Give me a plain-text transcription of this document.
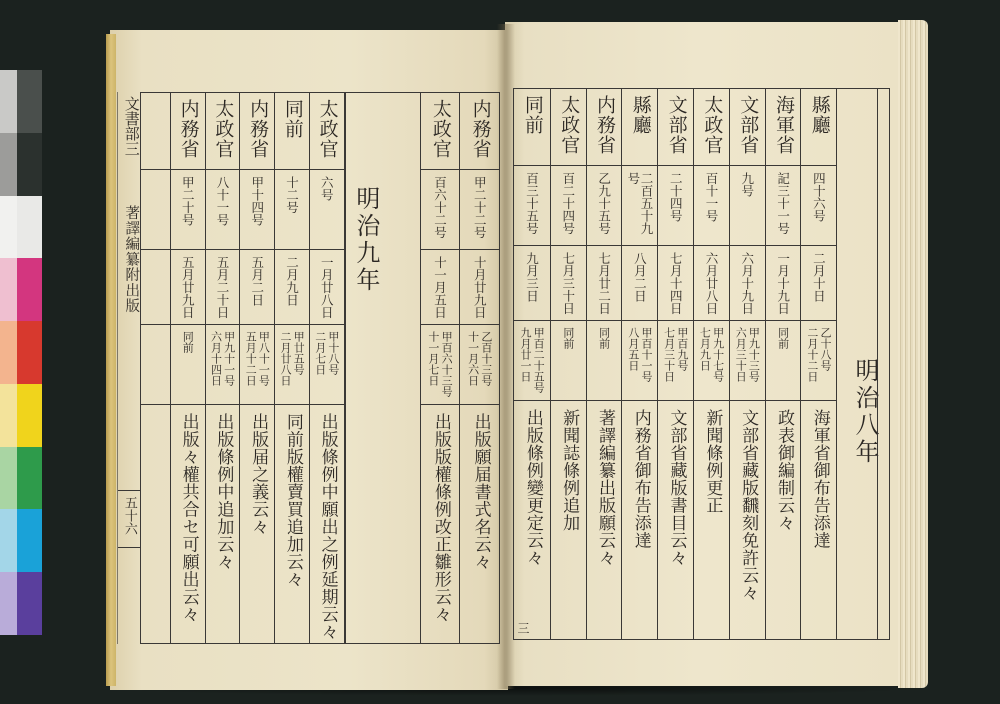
文書部三
著譯編纂附出版
五十六
内務省
甲二十二号
十月廿九日
乙百十三号
十一月六日
出版願届書式名云々
太政官
百六十二号
十一月五日
甲百六十三号
十一月七日
出版版權條例改正雛形云々
明治九年
太政官
六号
一月廿八日
甲十八号
二月七日
出版條例中願出之例延期云々
同前
十二号
二月九日
甲廿五号
二月廿八日
同前版權賣買追加云々
内務省
甲十四号
五月二日
甲八十一号
五月十二日
出版届之義云々
太政官
八十一号
五月二十日
甲九十一号
六月十四日
出版條例中追加云々
内務省
甲二十号
五月廿九日
同前
出版々權共合セ可願出云々
明治八年
縣廳
四十六号
二月十日
乙十八号
二月十二日
海軍省御布告添達
海軍省
記三十一号
一月十九日
同前
政表御編制云々
文部省
九号
六月十九日
甲九十三号
六月三十日
文部省藏版飜刻免許云々
太政官
百十一号
六月廿八日
甲九十七号
七月九日
新聞條例更正
文部省
二十四号
七月十四日
甲百九号
七月三十日
文部省藏版書目云々
縣廳
二百五十九号
八月二日
甲百十一号
八月五日
内務省御布告添達
内務省
乙九十五号
七月廿二日
同前
著譯編纂出版願云々
太政官
百二十四号
七月三十日
同前
新聞誌條例追加
同前
百三十五号
九月三日
甲百二十五号
九月廿一日
出版條例變更定云々
三
